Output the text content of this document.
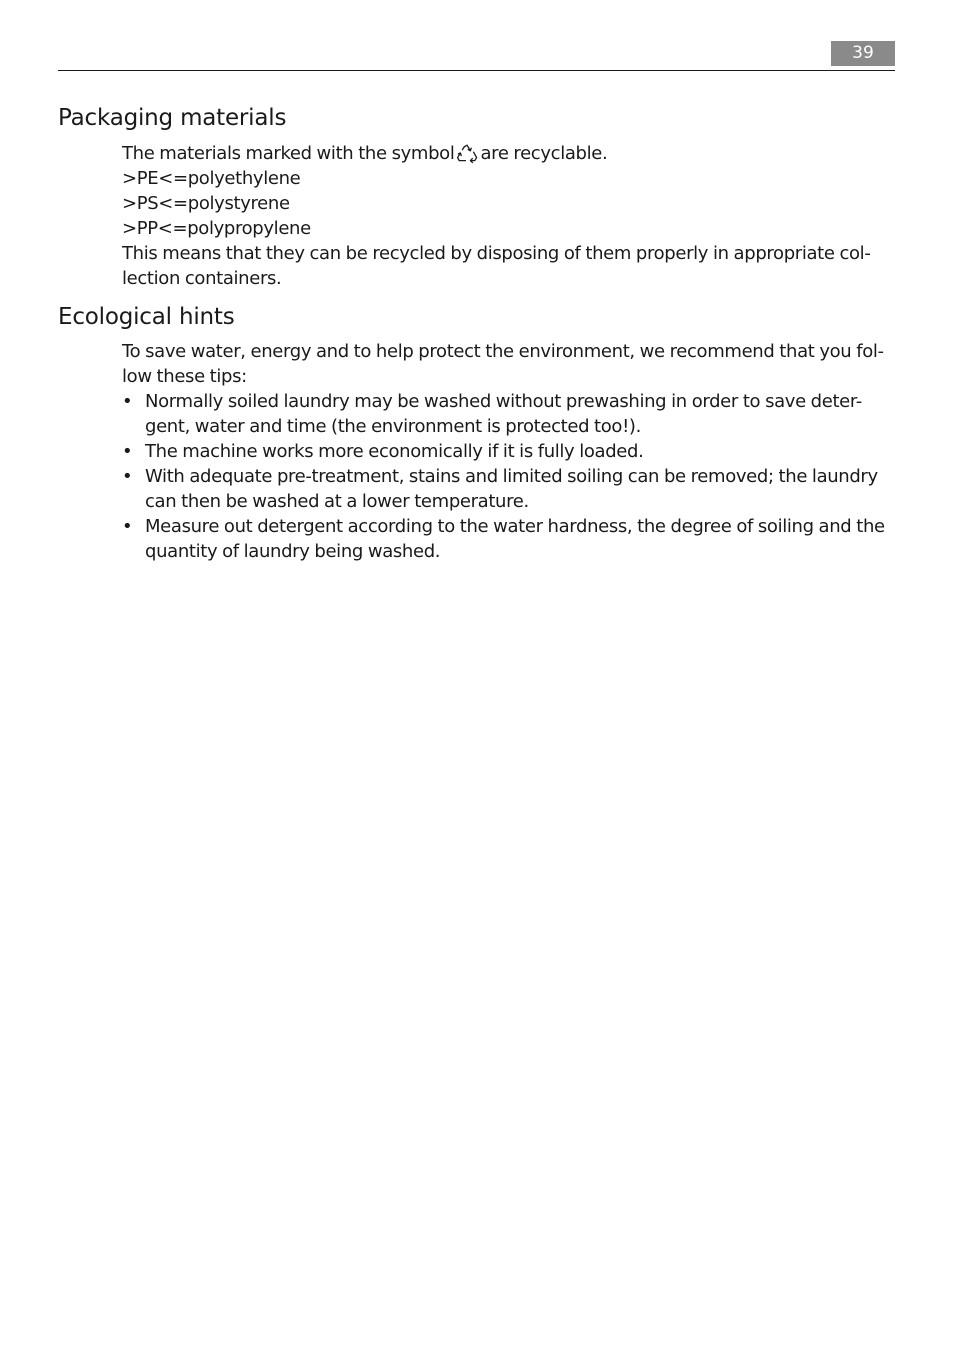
39
Packaging materials
The materials marked with the symbol are recyclable.
>PE<=polyethylene
>PS<=polystyrene
>PP<=polypropylene
This means that they can be recycled by disposing of them properly in appropriate col-
lection containers.
Ecological hints
To save water, energy and to help protect the environment, we recommend that you fol-
low these tips:
• Normally soiled laundry may be washed without prewashing in order to save deter-
gent, water and time (the environment is protected too!).
• The machine works more economically if it is fully loaded.
• With adequate pre-treatment, stains and limited soiling can be removed; the laundry
can then be washed at a lower temperature.
• Measure out detergent according to the water hardness, the degree of soiling and the
quantity of laundry being washed.
